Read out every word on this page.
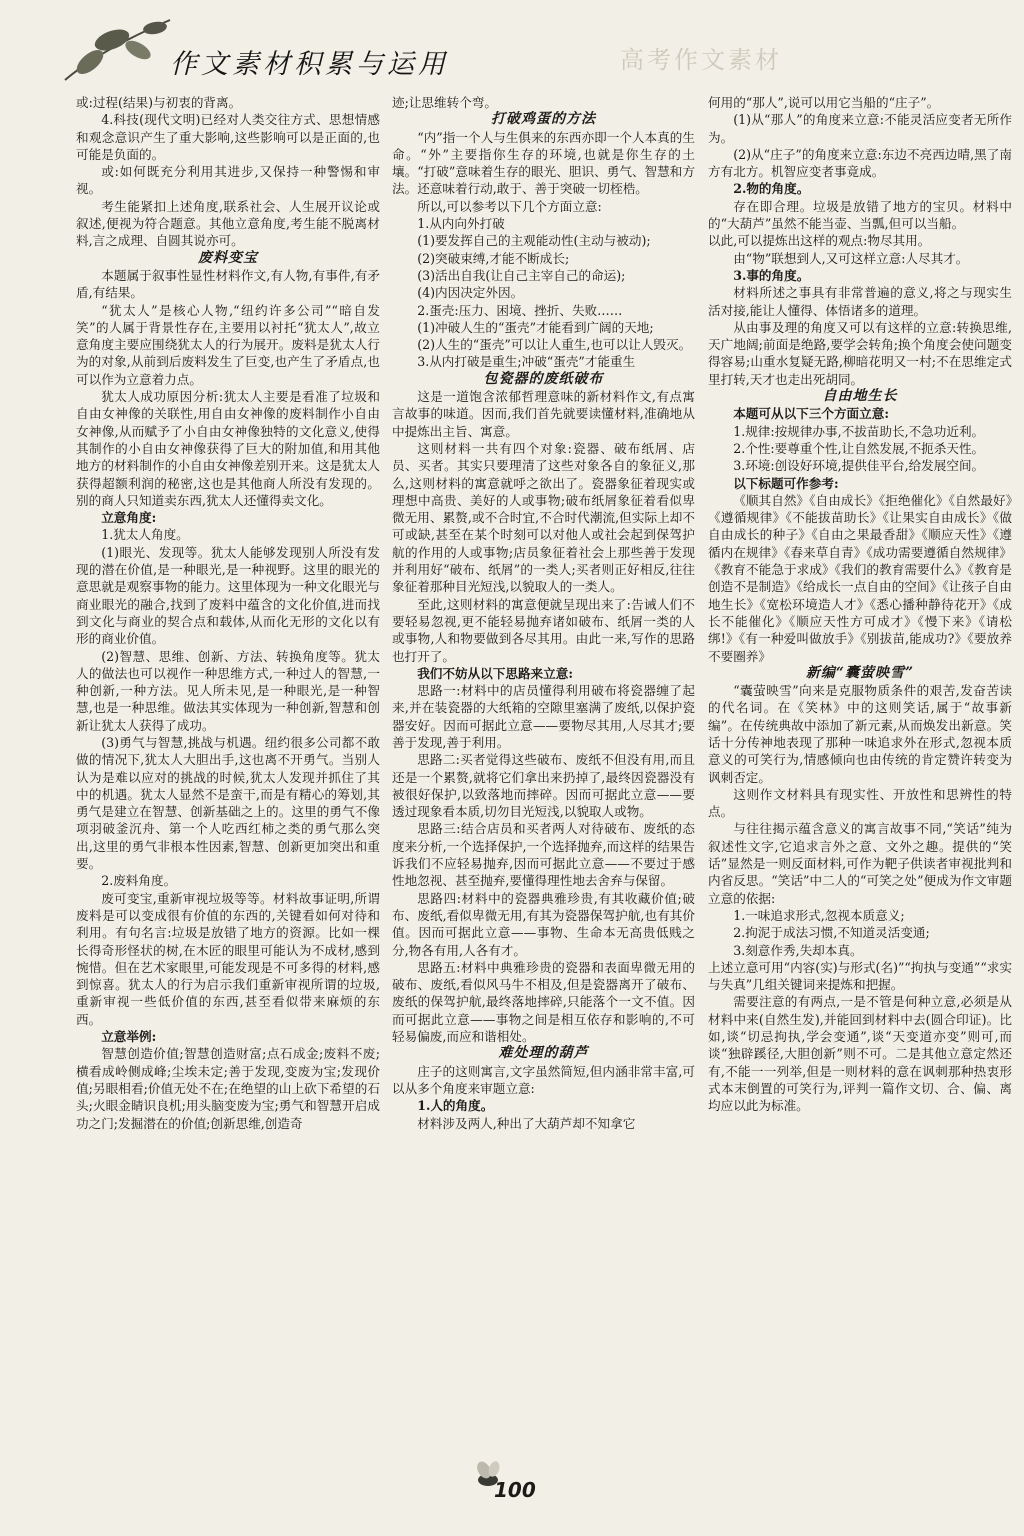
作文素材积累与运用	高考作文素材

或:过程(结果)与初衷的背离。

4.科技(现代文明)已经对人类交往方式、思想情感和观念意识产生了重大影响,这些影响可以是正面的,也可能是负面的。

或:如何既充分利用其进步,又保持一种警惕和审视。

考生能紧扣上述角度,联系社会、人生展开议论或叙述,便视为符合题意。其他立意角度,考生能不脱离材料,言之成理、自圆其说亦可。

废料变宝

本题属于叙事性显性材料作文,有人物,有事件,有矛盾,有结果。

“犹太人”是核心人物,“纽约许多公司”“暗自发笑”的人属于背景性存在,主要用以衬托“犹太人”,故立意角度主要应围绕犹太人的行为展开。废料是犹太人行为的对象,从前到后废料发生了巨变,也产生了矛盾点,也可以作为立意着力点。

犹太人成功原因分析:犹太人主要是看准了垃圾和自由女神像的关联性,用自由女神像的废料制作小自由女神像,从而赋予了小自由女神像独特的文化意义,使得其制作的小自由女神像获得了巨大的附加值,和用其他地方的材料制作的小自由女神像差别开来。这是犹太人获得超额利润的秘密,这也是其他商人所没有发现的。别的商人只知道卖东西,犹太人还懂得卖文化。

立意角度:

1.犹太人角度。

(1)眼光、发现等。犹太人能够发现别人所没有发现的潜在价值,是一种眼光,是一种视野。这里的眼光的意思就是观察事物的能力。这里体现为一种文化眼光与商业眼光的融合,找到了废料中蕴含的文化价值,进而找到文化与商业的契合点和载体,从而化无形的文化以有形的商业价值。

(2)智慧、思维、创新、方法、转换角度等。犹太人的做法也可以视作一种思维方式,一种过人的智慧,一种创新,一种方法。见人所未见,是一种眼光,是一种智慧,也是一种思维。做法其实体现为一种创新,智慧和创新让犹太人获得了成功。

(3)勇气与智慧,挑战与机遇。纽约很多公司都不敢做的情况下,犹太人大胆出手,这也离不开勇气。当别人认为是难以应对的挑战的时候,犹太人发现并抓住了其中的机遇。犹太人显然不是蛮干,而是有精心的筹划,其勇气是建立在智慧、创新基础之上的。这里的勇气不像项羽破釜沉舟、第一个人吃西红柿之类的勇气那么突出,这里的勇气非根本性因素,智慧、创新更加突出和重要。

2.废料角度。

废可变宝,重新审视垃圾等等。材料故事证明,所谓废料是可以变成很有价值的东西的,关键看如何对待和利用。有句名言:垃圾是放错了地方的资源。比如一棵长得奇形怪状的树,在木匠的眼里可能认为不成材,感到惋惜。但在艺术家眼里,可能发现是不可多得的材料,感到惊喜。犹太人的行为启示我们重新审视所谓的垃圾,重新审视一些低价值的东西,甚至看似带来麻烦的东西。

立意举例:

智慧创造价值;智慧创造财富;点石成金;废料不废;横看成岭侧成峰;尘埃未定;善于发现,变废为宝;发现价值;另眼相看;价值无处不在;在绝望的山上砍下希望的石头;火眼金睛识良机;用头脑变废为宝;勇气和智慧开启成功之门;发掘潜在的价值;创新思维,创造奇

迹;让思维转个弯。

打破鸡蛋的方法

“内”指一个人与生俱来的东西亦即一个人本真的生命。“外”主要指你生存的环境,也就是你生存的土壤。“打破”意味着生存的眼光、胆识、勇气、智慧和方法。还意味着行动,敢于、善于突破一切桎梏。

所以,可以参考以下几个方面立意:

1.从内向外打破

(1)要发挥自己的主观能动性(主动与被动);

(2)突破束缚,才能不断成长;

(3)活出自我(让自己主宰自己的命运);

(4)内因决定外因。

2.蛋壳:压力、困境、挫折、失败……

(1)冲破人生的“蛋壳”才能看到广阔的天地;

(2)人生的“蛋壳”可以让人重生,也可以让人毁灭。

3.从内打破是重生;冲破“蛋壳”才能重生

包瓷器的废纸破布

这是一道饱含浓郁哲理意味的新材料作文,有点寓言故事的味道。因而,我们首先就要读懂材料,准确地从中提炼出主旨、寓意。

这则材料一共有四个对象:瓷器、破布纸屑、店员、买者。其实只要理清了这些对象各自的象征义,那么,这则材料的寓意就呼之欲出了。瓷器象征着现实或理想中高贵、美好的人或事物;破布纸屑象征着看似卑微无用、累赘,或不合时宜,不合时代潮流,但实际上却不可或缺,甚至在某个时刻可以对他人或社会起到保驾护航的作用的人或事物;店员象征着社会上那些善于发现并利用好“破布、纸屑”的一类人;买者则正好相反,往往象征着那种目光短浅,以貌取人的一类人。

至此,这则材料的寓意便就呈现出来了:告诫人们不要轻易忽视,更不能轻易抛弃诸如破布、纸屑一类的人或事物,人和物要做到各尽其用。由此一来,写作的思路也打开了。

我们不妨从以下思路来立意:

思路一:材料中的店员懂得利用破布将瓷器缠了起来,并在装瓷器的大纸箱的空隙里塞满了废纸,以保护瓷器安好。因而可据此立意——要物尽其用,人尽其才;要善于发现,善于利用。

思路二:买者觉得这些破布、废纸不但没有用,而且还是一个累赘,就将它们拿出来扔掉了,最终因瓷器没有被很好保护,以致落地而摔碎。因而可据此立意——要透过现象看本质,切勿目光短浅,以貌取人或物。

思路三:结合店员和买者两人对待破布、废纸的态度来分析,一个选择保护,一个选择抛弃,而这样的结果告诉我们不应轻易抛弃,因而可据此立意——不要过于感性地忽视、甚至抛弃,要懂得理性地去舍弃与保留。

思路四:材料中的瓷器典雅珍贵,有其收藏价值;破布、废纸,看似卑微无用,有其为瓷器保驾护航,也有其价值。因而可据此立意——事物、生命本无高贵低贱之分,物各有用,人各有才。

思路五:材料中典雅珍贵的瓷器和表面卑微无用的破布、废纸,看似风马牛不相及,但是瓷器离开了破布、废纸的保驾护航,最终落地摔碎,只能落个一文不值。因而可据此立意——事物之间是相互依存和影响的,不可轻易偏废,而应和谐相处。

难处理的葫芦

庄子的这则寓言,文字虽然简短,但内涵非常丰富,可以从多个角度来审题立意:

1.人的角度。

材料涉及两人,种出了大葫芦却不知拿它

何用的“那人”,说可以用它当船的“庄子”。

(1)从“那人”的角度来立意:不能灵活应变者无所作为。

(2)从“庄子”的角度来立意:东边不亮西边晴,黑了南方有北方。机智应变者事竟成。

2.物的角度。

存在即合理。垃圾是放错了地方的宝贝。材料中的“大葫芦”虽然不能当壶、当瓢,但可以当船。

以此,可以提炼出这样的观点:物尽其用。

由“物”联想到人,又可这样立意:人尽其才。

3.事的角度。

材料所述之事具有非常普遍的意义,将之与现实生活对接,能让人懂得、体悟诸多的道理。

从由事及理的角度又可以有这样的立意:转换思维,天广地阔;前面是绝路,要学会转角;换个角度会使问题变得容易;山重水复疑无路,柳暗花明又一村;不在思维定式里打转,天才也走出死胡同。

自由地生长

本题可从以下三个方面立意:

1.规律:按规律办事,不拔苗助长,不急功近利。

2.个性:要尊重个性,让自然发展,不扼杀天性。

3.环境:创设好环境,提供佳平台,给发展空间。

以下标题可作参考:

《顺其自然》《自由成长》《拒绝催化》《自然最好》《遵循规律》《不能拔苗助长》《让果实自由成长》《做自由成长的种子》《自由之果最香甜》《顺应天性》《遵循内在规律》《春来草自青》《成功需要遵循自然规律》《教育不能急于求成》《我们的教育需要什么》《教育是创造不是制造》《给成长一点自由的空间》《让孩子自由地生长》《宽松环境造人才》《悉心播种静待花开》《成长不能催化》《顺应天性方可成才》《慢下来》《请松绑!》《有一种爱叫做放手》《别拔苗,能成功?》《要放养不要圈养》

新编“囊萤映雪”

“囊萤映雪”向来是克服物质条件的艰苦,发奋苦读的代名词。在《笑林》中的这则笑话,属于“故事新编”。在传统典故中添加了新元素,从而焕发出新意。笑话十分传神地表现了那种一味追求外在形式,忽视本质意义的可笑行为,情感倾向也由传统的肯定赞许转变为讽刺否定。

这则作文材料具有现实性、开放性和思辨性的特点。

与往往揭示蕴含意义的寓言故事不同,“笑话”纯为叙述性文字,它追求言外之意、文外之趣。提供的“笑话”显然是一则反面材料,可作为靶子供读者审视批判和内省反思。“笑话”中二人的“可笑之处”便成为作文审题立意的依据:

1.一味追求形式,忽视本质意义;

2.拘泥于成法习惯,不知道灵活变通;

3.刻意作秀,失却本真。

上述立意可用“内容(实)与形式(名)”“拘执与变通”“求实与失真”几组关键词来提炼和把握。

需要注意的有两点,一是不管是何种立意,必须是从材料中来(自然生发),并能回到材料中去(圆合印证)。比如,谈“切忌拘执,学会变通”,谈“天变道亦变”则可,而谈“独辟蹊径,大胆创新”则不可。二是其他立意定然还有,不能一一列举,但是一则材料的意在讽刺那种热衷形式本末倒置的可笑行为,评判一篇作文切、合、偏、离均应以此为标准。

100
